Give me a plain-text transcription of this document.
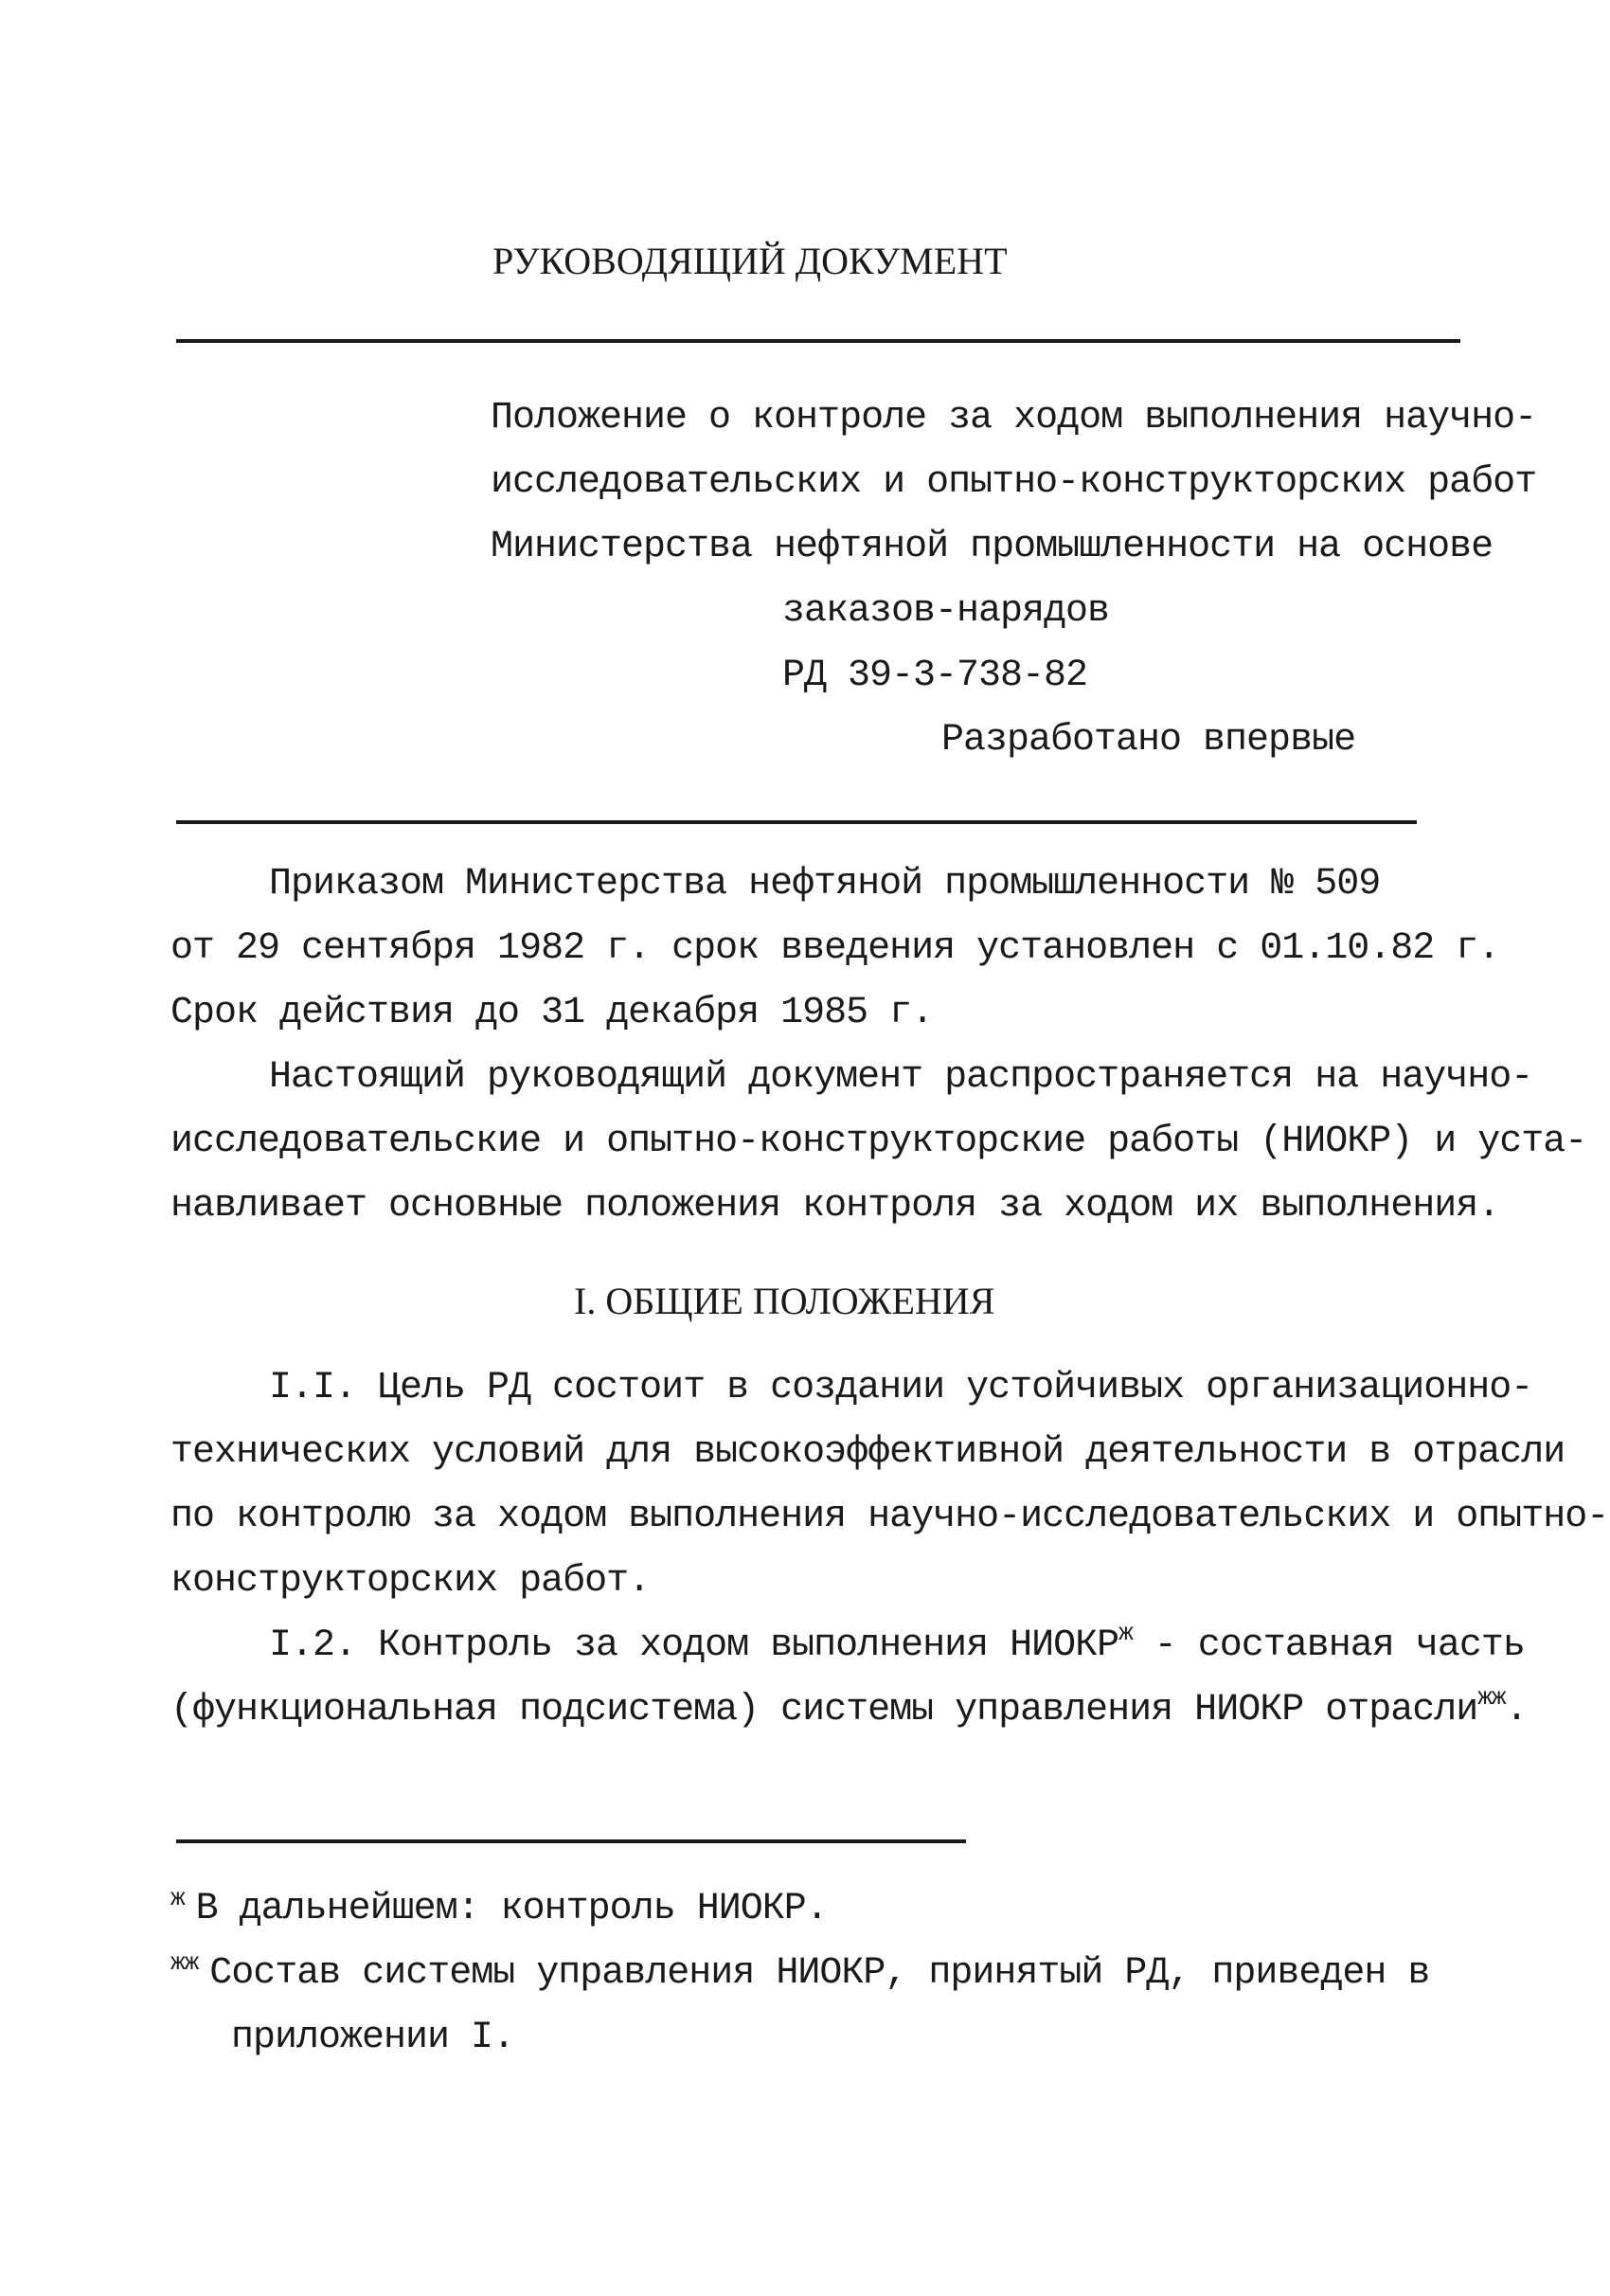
РУКОВОДЯЩИЙ ДОКУМЕНТ
Положение о контроле за ходом выполнения научно-
исследовательских и опытно-конструкторских работ
Министерства нефтяной промышленности на основе
заказов-нарядов
РД 39-3-738-82
Разработано впервые
Приказом Министерства нефтяной промышленности № 509
от 29 сентября 1982 г. срок введения установлен с 01.10.82 г.
Срок действия до 31 декабря 1985 г.
Настоящий руководящий документ распространяется на научно-
исследовательские и опытно-конструкторские работы (НИОКР) и уста-
навливает основные положения контроля за ходом их выполнения.
I. ОБЩИЕ ПОЛОЖЕНИЯ
I.I. Цель РД состоит в создании устойчивых организационно-
технических условий для высокоэффективной деятельности в отрасли
по контролю за ходом выполнения научно-исследовательских и опытно-
конструкторских работ.
I.2. Контроль за ходом выполнения $НИОКР^ж$ - составная часть
(функциональная подсистема) системы управления НИОКР отрасли$^{жж}$.
$^ж$ В дальнейшем: контроль НИОКР.
$^{жж}$ Состав системы управления НИОКР, принятый РД, приведен в
приложении I.
